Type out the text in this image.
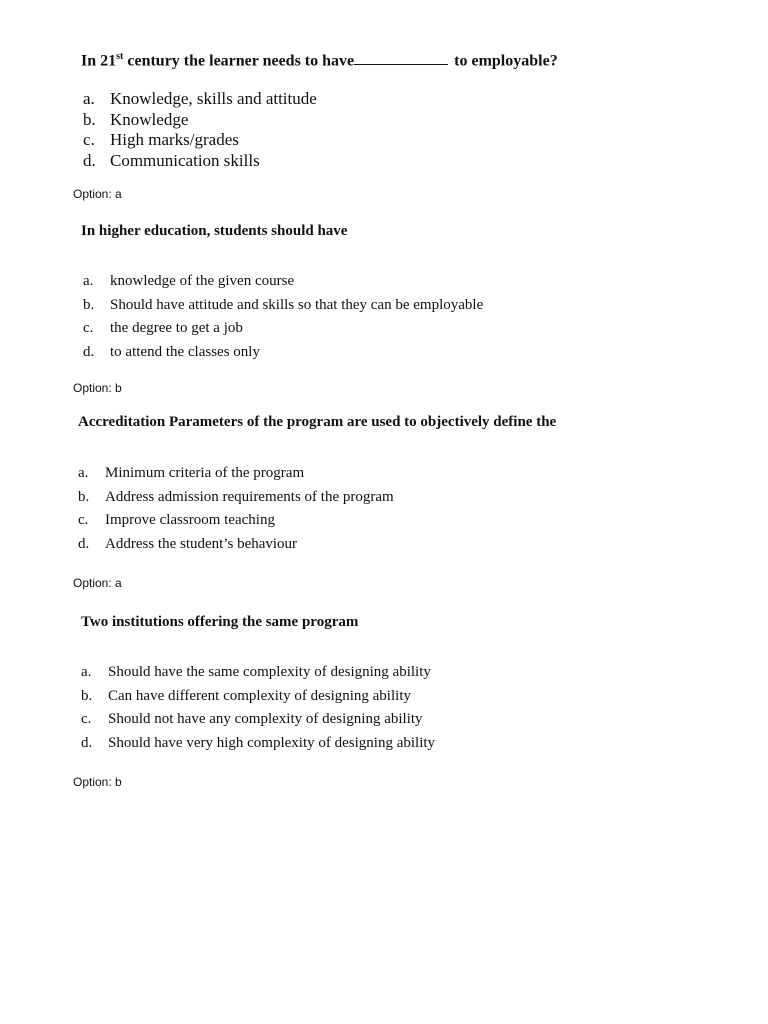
In 21st century the learner needs to have	to employable?

a. Knowledge, skills and attitude
b. Knowledge
c. High marks/grades
d. Communication skills

Option: a

In higher education, students should have

a.	knowledge of the given course
b.	Should have attitude and skills so that they can be employable
c.	the degree to get a job
d.	to attend the classes only

Option: b

Accreditation Parameters of the program are used to objectively define the

a.	Minimum criteria of the program
b.	Address admission requirements of the program
c.	Improve classroom teaching
d.	Address the student’s behaviour

Option: a

Two institutions offering the same program

a.	Should have the same complexity of designing ability
b.	Can have different complexity of designing ability
c.	Should not have any complexity of designing ability
d.	Should have very high complexity of designing ability

Option: b
